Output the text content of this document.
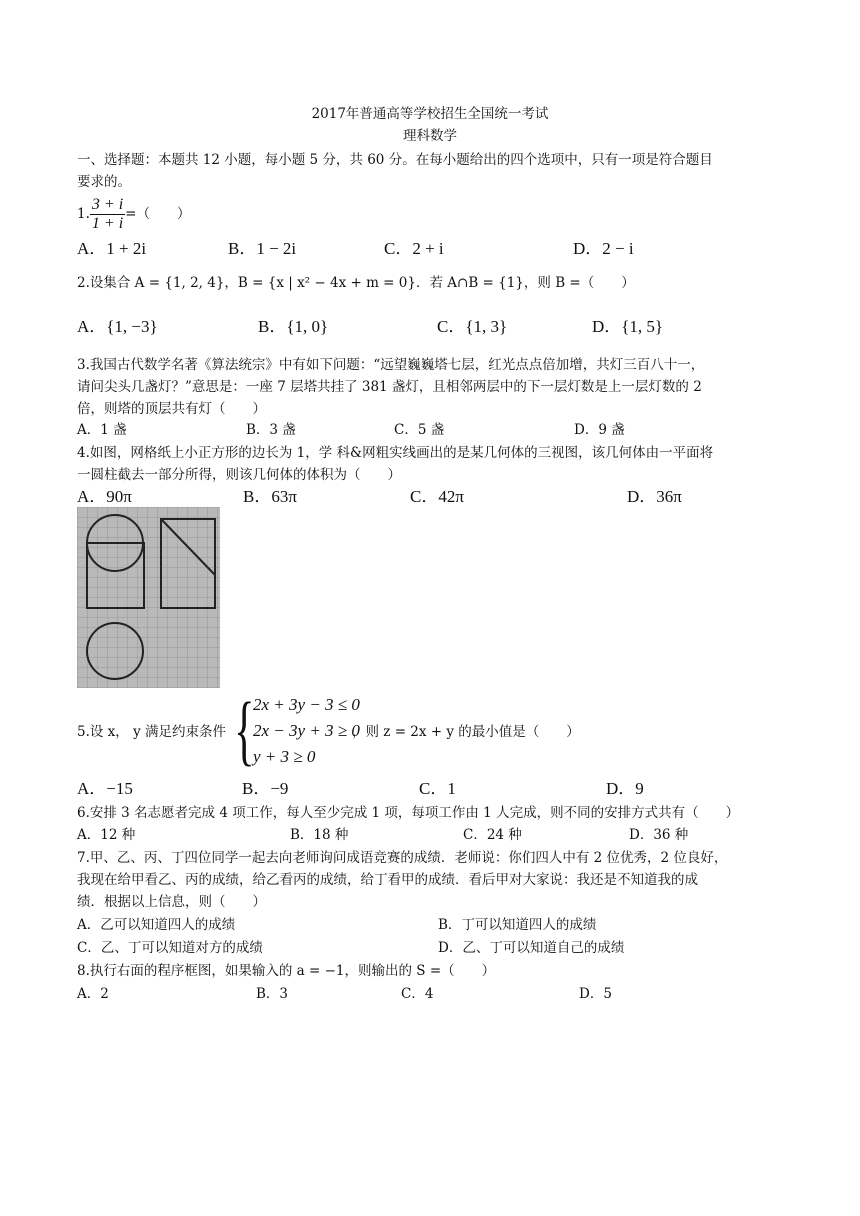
2017年普通高等学校招生全国统一考试
理科数学
一、选择题：本题共 12 小题，每小题 5 分，共 60 分。在每小题给出的四个选项中，只有一项是符合题目
要求的。
1. $\frac{3 + i}{1 + i}$ =（　　）
A．1 + 2i	B．1 − 2i	C．2 + i	D．2 − i
2.设集合 A = {1, 2, 4}，B = {x | x² − 4x + m = 0}．若 A∩B = {1}，则 B =（　　）
A．{1, −3}	B．{1, 0}	C．{1, 3}	D．{1, 5}
3.我国古代数学名著《算法统宗》中有如下问题：“远望巍巍塔七层，红光点点倍加增，共灯三百八十一，
请问尖头几盏灯？”意思是：一座 7 层塔共挂了 381 盏灯，且相邻两层中的下一层灯数是上一层灯数的 2
倍，则塔的顶层共有灯（　　）
A．1 盏	B．3 盏	C．5 盏	D．9 盏
4.如图，网格纸上小正方形的边长为 1，学 科&网粗实线画出的是某几何体的三视图，该几何体由一平面将
一圆柱截去一部分所得，则该几何体的体积为（　　）
A．90π	B．63π	C．42π	D．36π
5.设 x， y 满足约束条件 {
2x + 3y − 3 ≤ 0
2x − 3y + 3 ≥ 0
y + 3 ≥ 0
，则 z = 2x + y 的最小值是（　　）
A．−15	B．−9	C．1	D．9
6.安排 3 名志愿者完成 4 项工作，每人至少完成 1 项，每项工作由 1 人完成，则不同的安排方式共有（　　）
A．12 种	B．18 种	C．24 种	D．36 种
7.甲、乙、丙、丁四位同学一起去向老师询问成语竞赛的成绩．老师说：你们四人中有 2 位优秀，2 位良好，
我现在给甲看乙、丙的成绩，给乙看丙的成绩，给丁看甲的成绩．看后甲对大家说：我还是不知道我的成
绩．根据以上信息，则（　　）
A．乙可以知道四人的成绩	B．丁可以知道四人的成绩
C．乙、丁可以知道对方的成绩	D．乙、丁可以知道自己的成绩
8.执行右面的程序框图，如果输入的 a = −1，则输出的 S =（　　）
A．2	B．3	C．4	D．5
